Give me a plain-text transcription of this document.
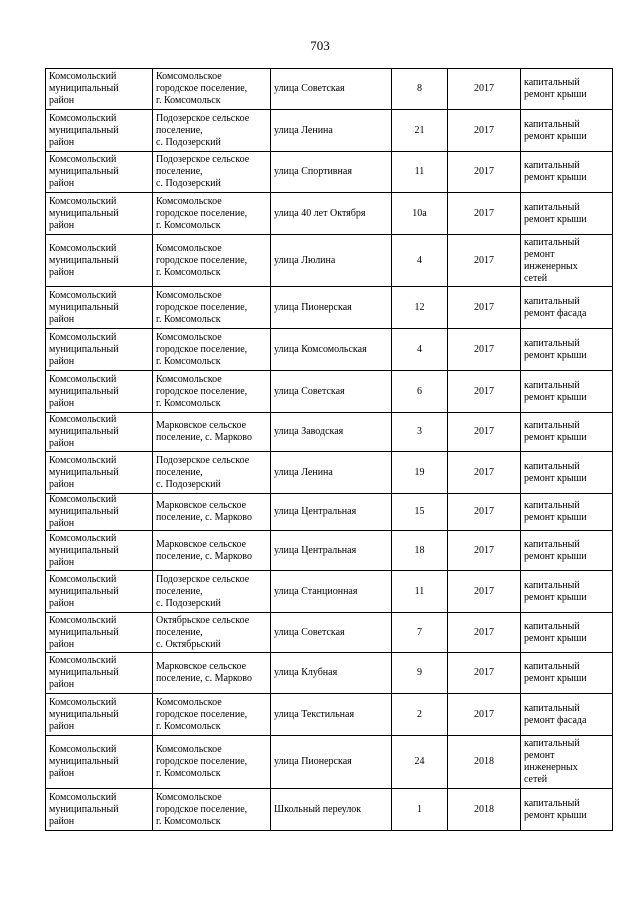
703
Комсомольский
муниципальный
район	Комсомольское
городское поселение,
г. Комсомольск	улица Советская	8	2017	капитальный
ремонт крыши

Комсомольский
муниципальный
район	Подозерское сельское
поселение,
с. Подозерский	улица Ленина	21	2017	капитальный
ремонт крыши

Комсомольский
муниципальный
район	Подозерское сельское
поселение,
с. Подозерский	улица Спортивная	11	2017	капитальный
ремонт крыши

Комсомольский
муниципальный
район	Комсомольское
городское поселение,
г. Комсомольск	улица 40 лет Октября	10а	2017	капитальный
ремонт крыши

Комсомольский
муниципальный
район	Комсомольское
городское поселение,
г. Комсомольск	улица Люлина	4	2017	капитальный
ремонт
инженерных
сетей

Комсомольский
муниципальный
район	Комсомольское
городское поселение,
г. Комсомольск	улица Пионерская	12	2017	капитальный
ремонт фасада

Комсомольский
муниципальный
район	Комсомольское
городское поселение,
г. Комсомольск	улица Комсомольская	4	2017	капитальный
ремонт крыши

Комсомольский
муниципальный
район	Комсомольское
городское поселение,
г. Комсомольск	улица Советская	6	2017	капитальный
ремонт крыши

Комсомольский
муниципальный
район	Марковское сельское
поселение, с. Марково	улица Заводская	3	2017	капитальный
ремонт крыши

Комсомольский
муниципальный
район	Подозерское сельское
поселение,
с. Подозерский	улица Ленина	19	2017	капитальный
ремонт крыши

Комсомольский
муниципальный
район	Марковское сельское
поселение, с. Марково	улица Центральная	15	2017	капитальный
ремонт крыши

Комсомольский
муниципальный
район	Марковское сельское
поселение, с. Марково	улица Центральная	18	2017	капитальный
ремонт крыши

Комсомольский
муниципальный
район	Подозерское сельское
поселение,
с. Подозерский	улица Станционная	11	2017	капитальный
ремонт крыши

Комсомольский
муниципальный
район	Октябрьское сельское
поселение,
с. Октябрьский	улица Советская	7	2017	капитальный
ремонт крыши

Комсомольский
муниципальный
район	Марковское сельское
поселение, с. Марково	улица Клубная	9	2017	капитальный
ремонт крыши

Комсомольский
муниципальный
район	Комсомольское
городское поселение,
г. Комсомольск	улица Текстильная	2	2017	капитальный
ремонт фасада

Комсомольский
муниципальный
район	Комсомольское
городское поселение,
г. Комсомольск	улица Пионерская	24	2018	капитальный
ремонт
инженерных
сетей

Комсомольский
муниципальный
район	Комсомольское
городское поселение,
г. Комсомольск	Школьный переулок	1	2018	капитальный
ремонт крыши
